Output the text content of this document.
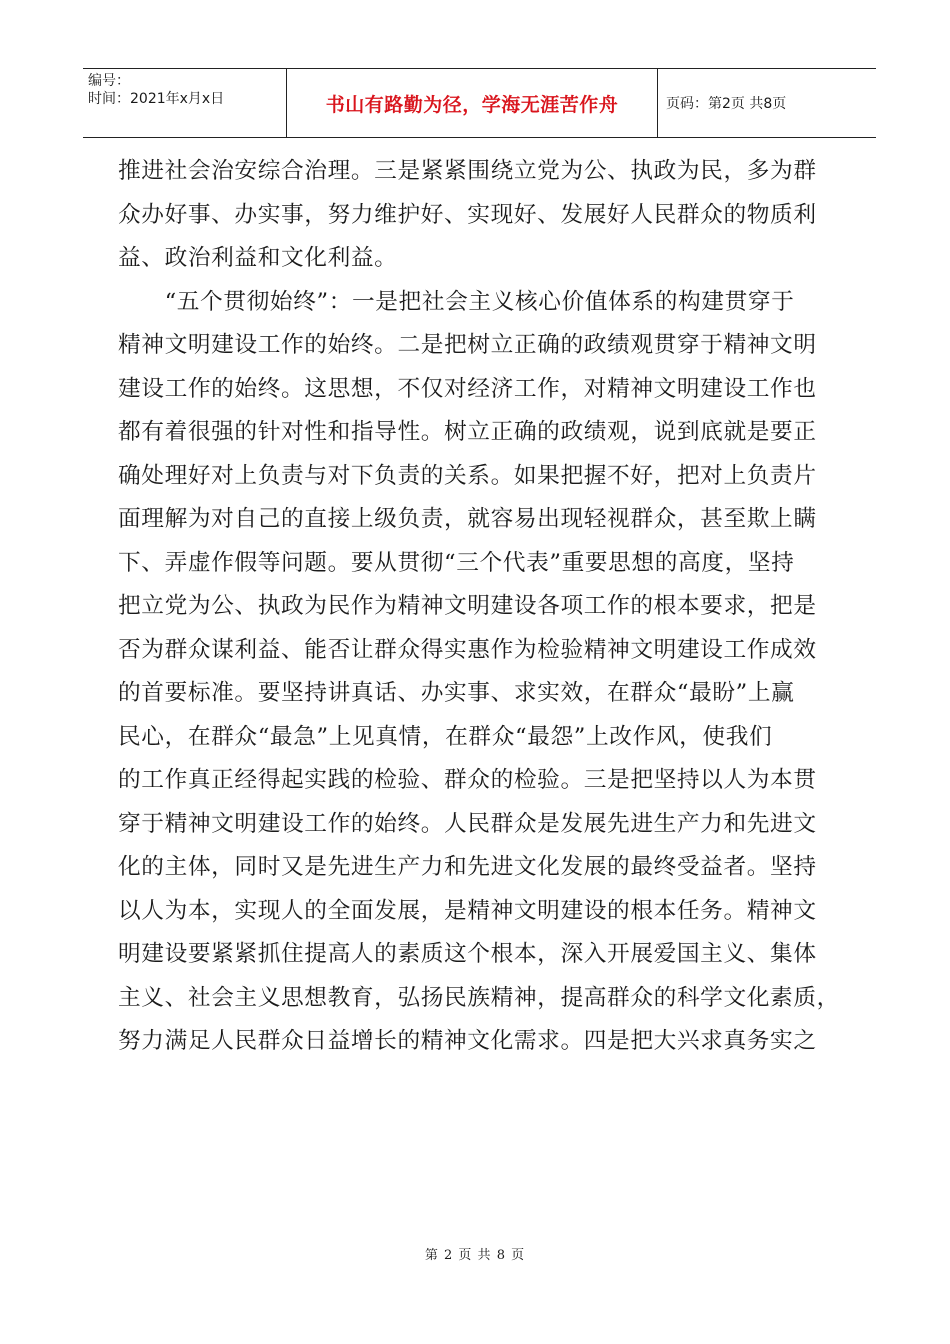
编号：
时间：2021年x月x日	书山有路勤为径，学海无涯苦作舟	页码：第2页 共8页
推进社会治安综合治理。三是紧紧围绕立党为公、执政为民，多为群
众办好事、办实事，努力维护好、实现好、发展好人民群众的物质利
益、政治利益和文化利益。
　　“五个贯彻始终”：一是把社会主义核心价值体系的构建贯穿于
精神文明建设工作的始终。二是把树立正确的政绩观贯穿于精神文明
建设工作的始终。这思想，不仅对经济工作，对精神文明建设工作也
都有着很强的针对性和指导性。树立正确的政绩观，说到底就是要正
确处理好对上负责与对下负责的关系。如果把握不好，把对上负责片
面理解为对自己的直接上级负责，就容易出现轻视群众，甚至欺上瞒
下、弄虚作假等问题。要从贯彻“三个代表”重要思想的高度，坚持
把立党为公、执政为民作为精神文明建设各项工作的根本要求，把是
否为群众谋利益、能否让群众得实惠作为检验精神文明建设工作成效
的首要标准。要坚持讲真话、办实事、求实效，在群众“最盼”上赢
民心，在群众“最急”上见真情，在群众“最怨”上改作风，使我们
的工作真正经得起实践的检验、群众的检验。三是把坚持以人为本贯
穿于精神文明建设工作的始终。人民群众是发展先进生产力和先进文
化的主体，同时又是先进生产力和先进文化发展的最终受益者。坚持
以人为本，实现人的全面发展，是精神文明建设的根本任务。精神文
明建设要紧紧抓住提高人的素质这个根本，深入开展爱国主义、集体
主义、社会主义思想教育，弘扬民族精神，提高群众的科学文化素质，
努力满足人民群众日益增长的精神文化需求。四是把大兴求真务实之
第 2 页 共 8 页
